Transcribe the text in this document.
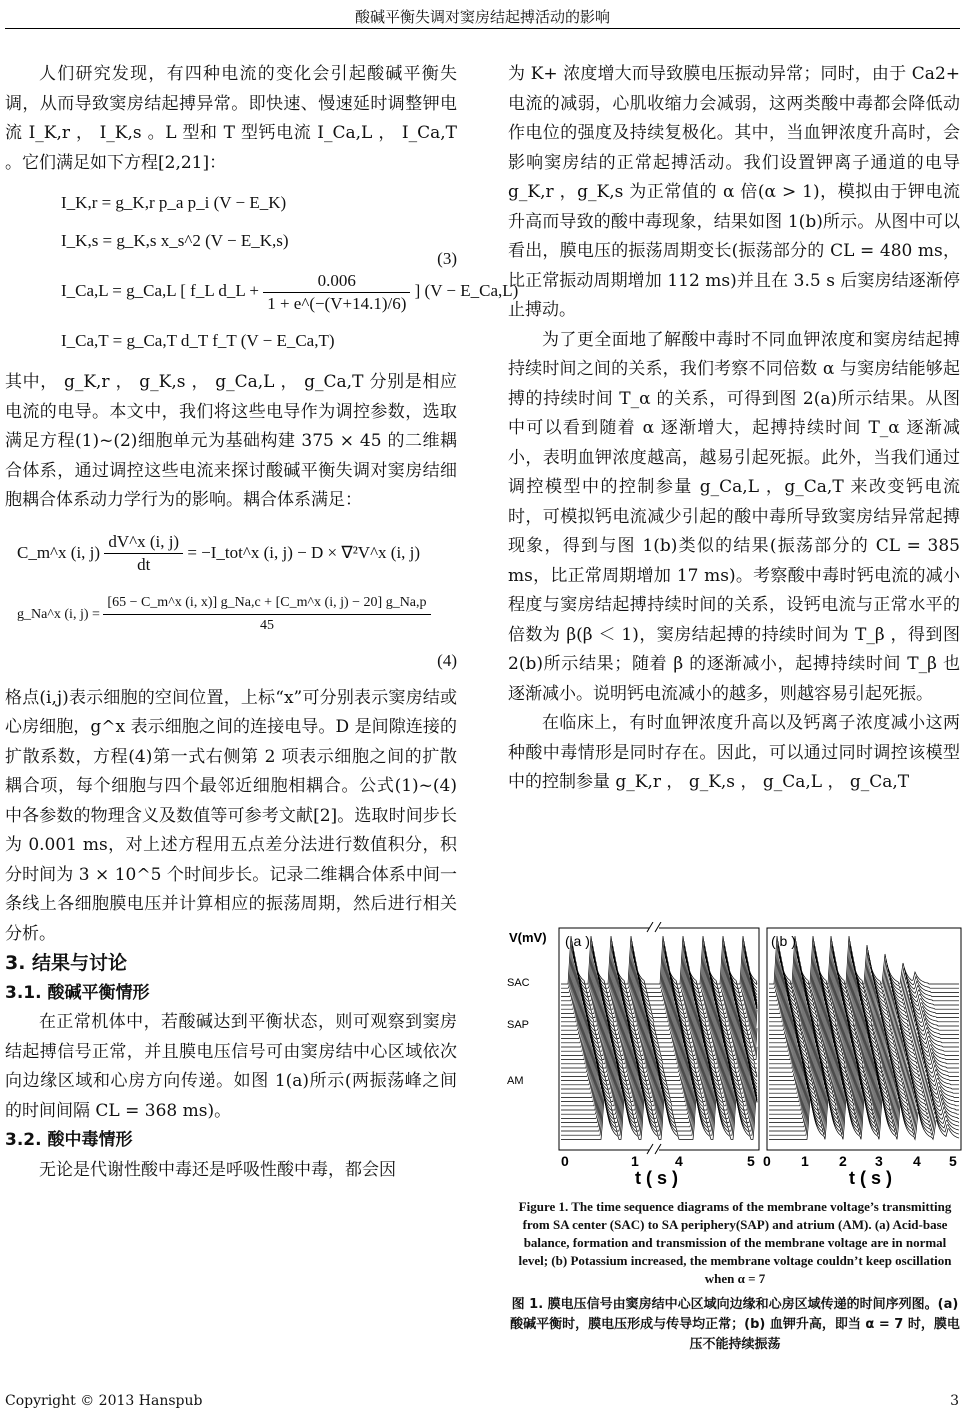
酸碱平衡失调对窦房结起搏活动的影响

人们研究发现，有四种电流的变化会引起酸碱平衡失调，从而导致窦房结起搏异常。即快速、慢速延时调整钾电流 I_K,r ， I_K,s 。L 型和 T 型钙电流 I_Ca,L ， I_Ca,T 。它们满足如下方程[2,21]：

I_K,r = g_K,r p_a p_i (V − E_K)
I_K,s = g_K,s x_s^2 (V − E_K,s)
I_Ca,L = g_Ca,L [ f_L d_L + $\frac{0.006}{1 + e\^{}(-(V+14.1)/6)}$ ] (V − E_Ca,L)
I_Ca,T = g_Ca,T d_T f_T (V − E_Ca,T)
(3)

其中， g_K,r ， g_K,s ， g_Ca,L ， g_Ca,T 分别是相应电流的电导。本文中，我们将这些电导作为调控参数，选取满足方程(1)~(2)细胞单元为基础构建 375 × 45 的二维耦合体系，通过调控这些电流来探讨酸碱平衡失调对窦房结细胞耦合体系动力学行为的影响。耦合体系满足：

C_m^x (i, $j) \frac{dV\^{}x (i, j)}{dt}$ = −I_tot^x (i, j) − D × ∇²V^x (i, j)
g_Na^x (i, $j) = \frac{[65 - C\_m\^{}x (i, x)] g\_Na,c + [C\_m\^{}x (i, j) - 20] g\_Na,p}{45}$
(4)

格点(i,j)表示细胞的空间位置，上标“x”可分别表示窦房结或心房细胞，g^x 表示细胞之间的连接电导。D 是间隙连接的扩散系数，方程(4)第一式右侧第 2 项表示细胞之间的扩散耦合项，每个细胞与四个最邻近细胞相耦合。公式(1)~(4)中各参数的物理含义及数值等可参考文献[2]。选取时间步长为 0.001 ms，对上述方程用五点差分法进行数值积分，积分时间为 3 × 10^5 个时间步长。记录二维耦合体系中间一条线上各细胞膜电压并计算相应的振荡周期，然后进行相关分析。

3. 结果与讨论

3.1. 酸碱平衡情形

在正常机体中，若酸碱达到平衡状态，则可观察到窦房结起搏信号正常，并且膜电压信号可由窦房结中心区域依次向边缘区域和心房方向传递。如图 1(a)所示(两振荡峰之间的时间间隔 CL = 368 ms)。

3.2. 酸中毒情形

无论是代谢性酸中毒还是呼吸性酸中毒，都会因

为 K+ 浓度增大而导致膜电压振动异常；同时，由于 Ca2+ 电流的减弱，心肌收缩力会减弱，这两类酸中毒都会降低动作电位的强度及持续复极化。其中，当血钾浓度升高时，会影响窦房结的正常起搏活动。我们设置钾离子通道的电导 g_K,r ，g_K,s 为正常值的 α 倍(α > 1)，模拟由于钾电流升高而导致的酸中毒现象，结果如图 1(b)所示。从图中可以看出，膜电压的振荡周期变长(振荡部分的 CL = 480 ms，比正常振动周期增加 112 ms)并且在 3.5 s 后窦房结逐渐停止搏动。

为了更全面地了解酸中毒时不同血钾浓度和窦房结起搏持续时间之间的关系，我们考察不同倍数 α 与窦房结能够起搏的持续时间 T_α 的关系，可得到图 2(a)所示结果。从图中可以看到随着 α 逐渐增大，起搏持续时间 T_α 逐渐减小，表明血钾浓度越高，越易引起死振。此外，当我们通过调控模型中的控制参量 g_Ca,L ，g_Ca,T 来改变钙电流时，可模拟钙电流减少引起的酸中毒所导致窦房结异常起搏现象，得到与图 1(b)类似的结果(振荡部分的 CL = 385 ms，比正常周期增加 17 ms)。考察酸中毒时钙电流的减小程度与窦房结起搏持续时间的关系，设钙电流与正常水平的倍数为 β(β ＜ 1)，窦房结起搏的持续时间为 T_β ，得到图 2(b)所示结果；随着 β 的逐渐减小，起搏持续时间 T_β 也逐渐减小。说明钙电流减小的越多，则越容易引起死振。

在临床上，有时血钾浓度升高以及钙离子浓度减小这两种酸中毒情形是同时存在。因此，可以通过同时调控该模型中的控制参量 g_K,r ， g_K,s ， g_Ca,L ， g_Ca,T

V(mV) ( a )
0	1	4	5
t ( s )
SAC
SAP
AM
( b )
0 1 2 3 4 5
t ( s )
Figure 1. The time sequence diagrams of the membrane voltage’s transmitting from SA center (SAC) to SA periphery(SAP) and atrium (AM). (a) Acid-base balance, formation and transmission of the membrane voltage are in normal level; (b) Potassium increased, the membrane voltage couldn’t keep oscillation when α = 7
图 1. 膜电压信号由窦房结中心区域向边缘和心房区域传递的时间序列图。(a) 酸碱平衡时，膜电压形成与传导均正常；(b) 血钾升高，即当 α = 7 时，膜电压不能持续振荡
Copyright © 2013 Hanspub	3
